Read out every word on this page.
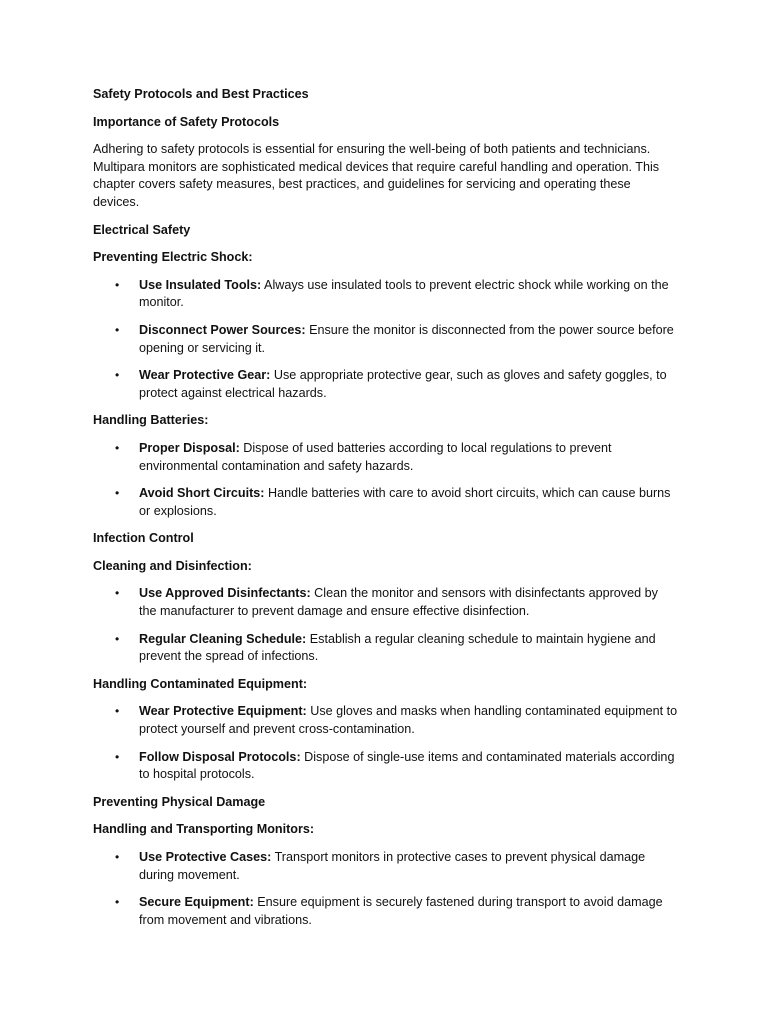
Safety Protocols and Best Practices
Importance of Safety Protocols
Adhering to safety protocols is essential for ensuring the well-being of both patients and technicians. Multipara monitors are sophisticated medical devices that require careful handling and operation. This chapter covers safety measures, best practices, and guidelines for servicing and operating these devices.
Electrical Safety
Preventing Electric Shock:
• Use Insulated Tools: Always use insulated tools to prevent electric shock while working on the monitor.
• Disconnect Power Sources: Ensure the monitor is disconnected from the power source before opening or servicing it.
• Wear Protective Gear: Use appropriate protective gear, such as gloves and safety goggles, to protect against electrical hazards.
Handling Batteries:
• Proper Disposal: Dispose of used batteries according to local regulations to prevent environmental contamination and safety hazards.
• Avoid Short Circuits: Handle batteries with care to avoid short circuits, which can cause burns or explosions.
Infection Control
Cleaning and Disinfection:
• Use Approved Disinfectants: Clean the monitor and sensors with disinfectants approved by the manufacturer to prevent damage and ensure effective disinfection.
• Regular Cleaning Schedule: Establish a regular cleaning schedule to maintain hygiene and prevent the spread of infections.
Handling Contaminated Equipment:
• Wear Protective Equipment: Use gloves and masks when handling contaminated equipment to protect yourself and prevent cross-contamination.
• Follow Disposal Protocols: Dispose of single-use items and contaminated materials according to hospital protocols.
Preventing Physical Damage
Handling and Transporting Monitors:
• Use Protective Cases: Transport monitors in protective cases to prevent physical damage during movement.
• Secure Equipment: Ensure equipment is securely fastened during transport to avoid damage from movement and vibrations.
